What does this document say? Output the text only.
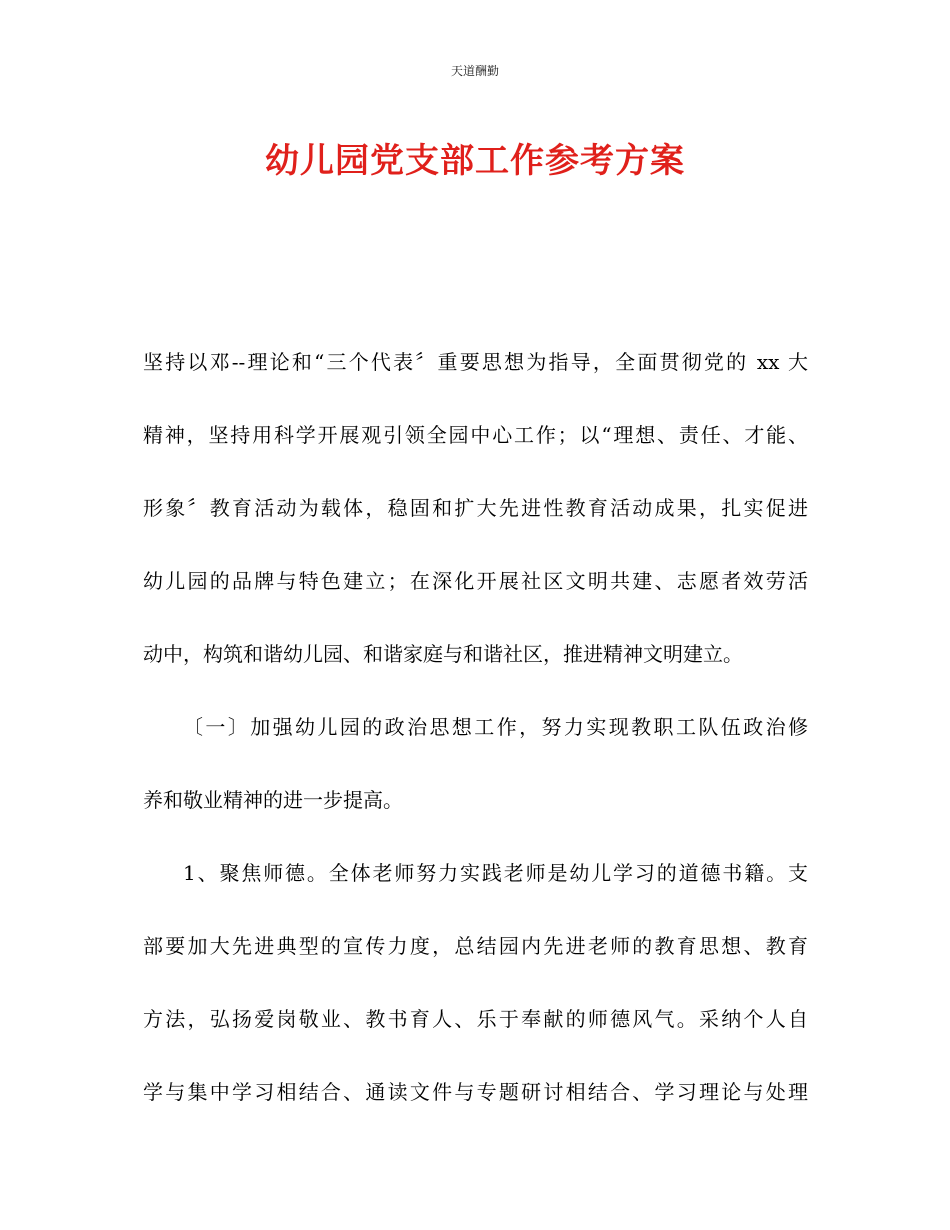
天道酬勤
幼儿园党支部工作参考方案
坚持以邓--理论和“三个代表〞重要思想为指导，全面贯彻党的 xx 大
精神，坚持用科学开展观引领全园中心工作；以“理想、责任、才能、
形象〞教育活动为载体，稳固和扩大先进性教育活动成果，扎实促进
幼儿园的品牌与特色建立；在深化开展社区文明共建、志愿者效劳活
动中，构筑和谐幼儿园、和谐家庭与和谐社区，推进精神文明建立。
〔一〕加强幼儿园的政治思想工作，努力实现教职工队伍政治修
养和敬业精神的进一步提高。
1、聚焦师德。全体老师努力实践老师是幼儿学习的道德书籍。支
部要加大先进典型的宣传力度，总结园内先进老师的教育思想、教育
方法，弘扬爱岗敬业、教书育人、乐于奉献的师德风气。采纳个人自
学与集中学习相结合、通读文件与专题研讨相结合、学习理论与处理
